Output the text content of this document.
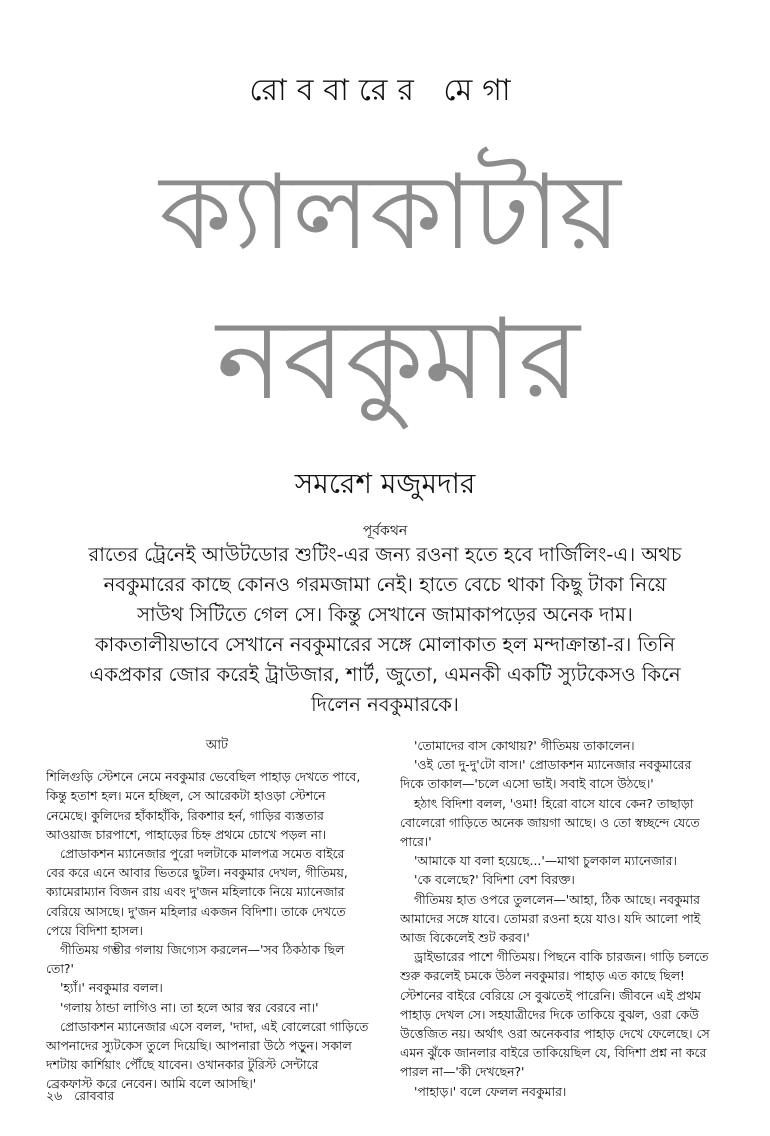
রোববারের মেগা
ক্যালকাটায়
নবকুমার
সমরেশ মজুমদার
পূর্বকথন

রাতের ট্রেনেই আউটডোর শুটিং-এর জন্য রওনা হতে হবে দার্জিলিং-এ। অথচ

নবকুমারের কাছে কোনও গরমজামা নেই। হাতে বেচে থাকা কিছু টাকা নিয়ে

সাউথ সিটিতে গেল সে। কিন্তু সেখানে জামাকাপড়ের অনেক দাম।

কাকতালীয়ভাবে সেখানে নবকুমারের সঙ্গে মোলাকাত হল মন্দাক্রান্তা-র। তিনি

একপ্রকার জোর করেই ট্রাউজার, শার্ট, জুতো, এমনকী একটি স্যুটকেসও কিনে

দিলেন নবকুমারকে।

আট

শিলিগুড়ি স্টেশনে নেমে নবকুমার ভেবেছিল পাহাড় দেখতে পাবে,

কিন্তু হতাশ হল। মনে হচ্ছিল, সে আরেকটা হাওড়া স্টেশনে

নেমেছে। কুলিদের হাঁকাহাঁকি, রিকশার হর্ন, গাড়ির ব্যস্ততার

আওয়াজ চারপাশে, পাহাড়ের চিহ্ন প্রথমে চোখে পড়ল না।

প্রোডাকশন ম্যানেজার পুরো দলটাকে মালপত্র সমেত বাইরে

বের করে এনে আবার ভিতরে ছুটল। নবকুমার দেখল, গীতিময়,

ক্যামেরাম্যান বিজন রায় এবং দু'জন মহিলাকে নিয়ে ম্যানেজার

বেরিয়ে আসছে। দু'জন মহিলার একজন বিদিশা। তাকে দেখতে

পেয়ে বিদিশা হাসল।

গীতিময় গম্ভীর গলায় জিগ্যেস করলেন—'সব ঠিকঠাক ছিল

তো?'

'হ্যাঁ।' নবকুমার বলল।

'গলায় ঠান্ডা লাগিও না। তা হলে আর স্বর বেরবে না।'

প্রোডাকশন ম্যানেজার এসে বলল, 'দাদা, এই বোলেরো গাড়িতে

আপনাদের স্যুটকেস তুলে দিয়েছি। আপনারা উঠে পড়ুন। সকাল

দশটায় কার্শিয়াং পৌঁছে যাবেন। ওখানকার টুরিস্ট সেন্টারে

ব্রেকফাস্ট করে নেবেন। আমি বলে আসছি।'

'তোমাদের বাস কোথায়?' গীতিময় তাকালেন।

'ওই তো দু-দু'টো বাস।' প্রোডাকশন ম্যানেজার নবকুমারের

দিকে তাকাল—'চলে এসো ভাই। সবাই বাসে উঠছে।'

হঠাৎ বিদিশা বলল, 'ওমা! হিরো বাসে যাবে কেন? তাছাড়া

বোলেরো গাড়িতে অনেক জায়গা আছে। ও তো স্বচ্ছন্দে যেতে

পারে।'

'আমাকে যা বলা হয়েছে...'—মাথা চুলকাল ম্যানেজার।

'কে বলেছে?' বিদিশা বেশ বিরক্ত।

গীতিময় হাত ওপরে তুললেন—'আহা, ঠিক আছে। নবকুমার

আমাদের সঙ্গে যাবে। তোমরা রওনা হয়ে যাও। যদি আলো পাই

আজ বিকেলেই শুট করব।'

ড্রাইভারের পাশে গীতিময়। পিছনে বাকি চারজন। গাড়ি চলতে

শুরু করলেই চমকে উঠল নবকুমার। পাহাড় এত কাছে ছিল!

স্টেশনের বাইরে বেরিয়ে সে বুঝতেই পারেনি। জীবনে এই প্রথম

পাহাড় দেখল সে। সহযাত্রীদের দিকে তাকিয়ে বুঝল, ওরা কেউ

উত্তেজিত নয়। অর্থাৎ ওরা অনেকবার পাহাড় দেখে ফেলেছে। সে

এমন ঝুঁকে জানলার বাইরে তাকিয়েছিল যে, বিদিশা প্রশ্ন না করে

পারল না—'কী দেখছেন?'

'পাহাড়।' বলে ফেলল নবকুমার।

২৬ রোববার
